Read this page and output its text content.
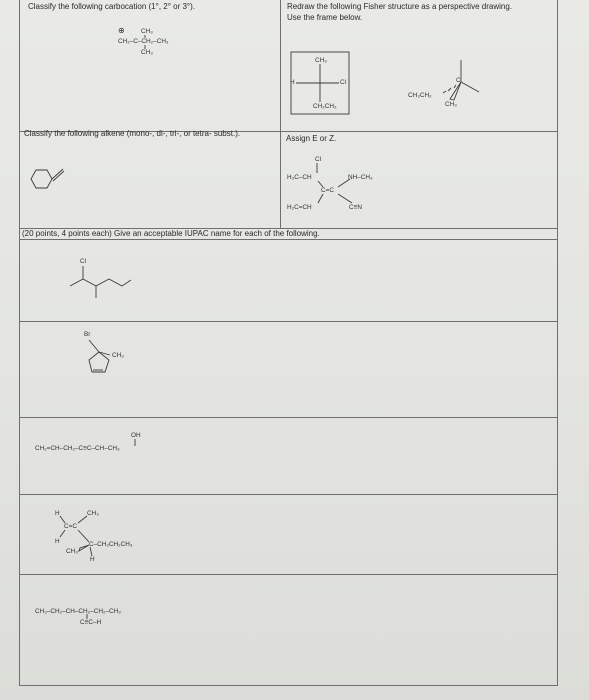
Classify the following carbocation (1°, 2° or 3°).
⊕	CH₃
CH₂–C–CH₂–CH₃
CH₃
Redraw the following Fisher structure as a perspective drawing.
Use the frame below.
CH₃
H	Cl
CH₂CH₃
CH₃CH₂
C
CH₃
Classify the following alkene (mono-, di-, tri-, or tetra- subst.).
Assign E or Z.
Cl
H₃C–CH	NH–CH₃
C=C
H₂C=CH	C≡N
(20 points, 4 points each) Give an acceptable IUPAC name for each of the following.
Cl
Br
CH₃
OH
CH₂=CH–CH₂–C≡C–CH–CH₃
H	CH₃
C=C
H	C–CH₂CH₂CH₃
CH₃
H
CH₃–CH₂–CH–CH₂–CH₂–CH₃
C≡C–H
